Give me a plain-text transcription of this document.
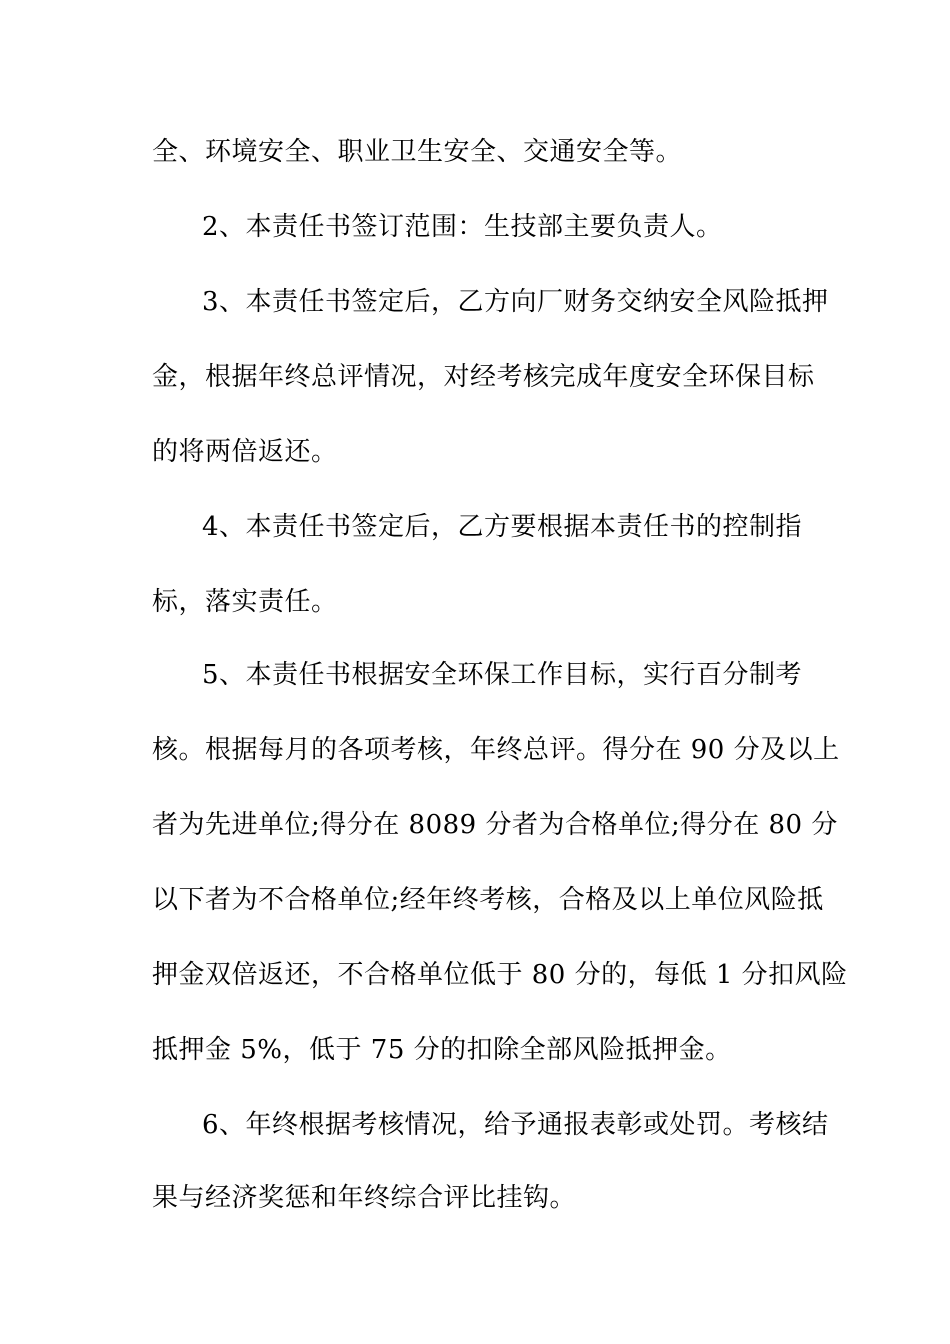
全、环境安全、职业卫生安全、交通安全等。
2、本责任书签订范围：生技部主要负责人。
3、本责任书签定后，乙方向厂财务交纳安全风险抵押
金，根据年终总评情况，对经考核完成年度安全环保目标
的将两倍返还。
4、本责任书签定后，乙方要根据本责任书的控制指
标，落实责任。
5、本责任书根据安全环保工作目标，实行百分制考
核。根据每月的各项考核，年终总评。得分在 90 分及以上
者为先进单位;得分在 8089 分者为合格单位;得分在 80 分
以下者为不合格单位;经年终考核，合格及以上单位风险抵
押金双倍返还，不合格单位低于 80 分的，每低 1 分扣风险
抵押金 5%，低于 75 分的扣除全部风险抵押金。
6、年终根据考核情况，给予通报表彰或处罚。考核结
果与经济奖惩和年终综合评比挂钩。
